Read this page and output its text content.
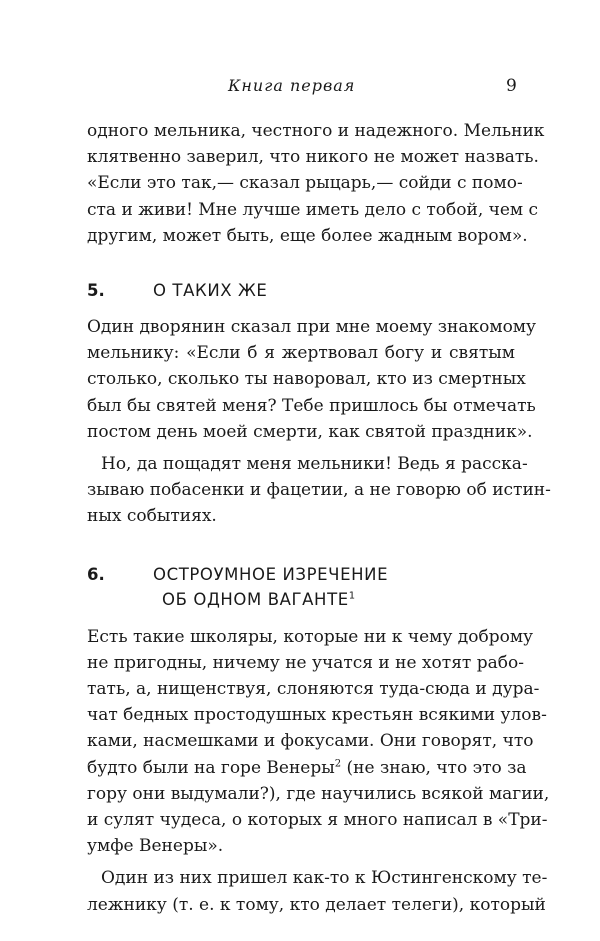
Книга первая	9

одного мельника, честного и надежного. Мельник
клятвенно заверил, что никого не может назвать.
«Если это так,— сказал рыцарь,— сойди с помо-
ста и живи! Мне лучше иметь дело с тобой, чем с
другим, может быть, еще более жадным вором».

5.	О ТАКИХ ЖЕ

Один дворянин сказал при мне моему знакомому
мельнику: «Если б я жертвовал богу и святым
столько, сколько ты наворовал, кто из смертных
был бы святей меня? Тебе пришлось бы отмечать
постом день моей смерти, как святой праздник».

Но, да пощадят меня мельники! Ведь я расска-
зываю побасенки и фацетии, а не говорю об истин-
ных событиях.

6.	ОСТРОУМНОЕ ИЗРЕЧЕНИЕ
ОБ ОДНОМ ВАГАНТЕ$^1$

Есть такие школяры, которые ни к чему доброму
не пригодны, ничему не учатся и не хотят рабо-
тать, а, нищенствуя, слоняются туда-сюда и дура-
чат бедных простодушных крестьян всякими улов-
ками, насмешками и фокусами. Они говорят, что
будто были на горе Венеры$^2$ (не знаю, что это за
гору они выдумали?), где научились всякой магии,
и сулят чудеса, о которых я много написал в «Три-
умфе Венеры».

Один из них пришел как-то к Юстингенскому те-
лежнику (т. е. к тому, кто делает телеги), который
